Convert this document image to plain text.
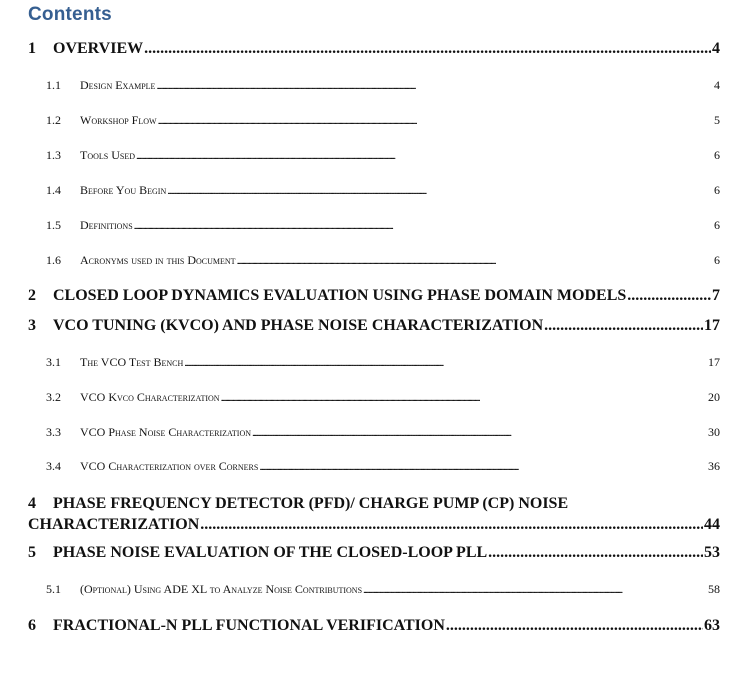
Contents
1	OVERVIEW . . .	4
1.1	Design Example . . .	4
1.2	Workshop Flow . . .	5
1.3	Tools Used . . .	6
1.4	Before You Begin . . .	6
1.5	Definitions . . .	6
1.6	Acronyms used in this Document . . .	6
2	CLOSED LOOP DYNAMICS EVALUATION USING PHASE DOMAIN MODELS . . .	7
3	VCO TUNING (KVCO) AND PHASE NOISE CHARACTERIZATION . . .	17
3.1	The VCO Test Bench . . .	17
3.2	VCO Kvco Characterization . . .	20
3.3	VCO Phase Noise Characterization . . .	30
3.4	VCO Characterization over Corners . . .	36
4 PHASE FREQUENCY DETECTOR (PFD)/ CHARGE PUMP (CP) NOISE
CHARACTERIZATION . . .	44
5	PHASE NOISE EVALUATION OF THE CLOSED-LOOP PLL . . .	53
5.1	(Optional) Using ADE XL to Analyze Noise Contributions . . .	58
6	FRACTIONAL-N PLL FUNCTIONAL VERIFICATION . . .	63
